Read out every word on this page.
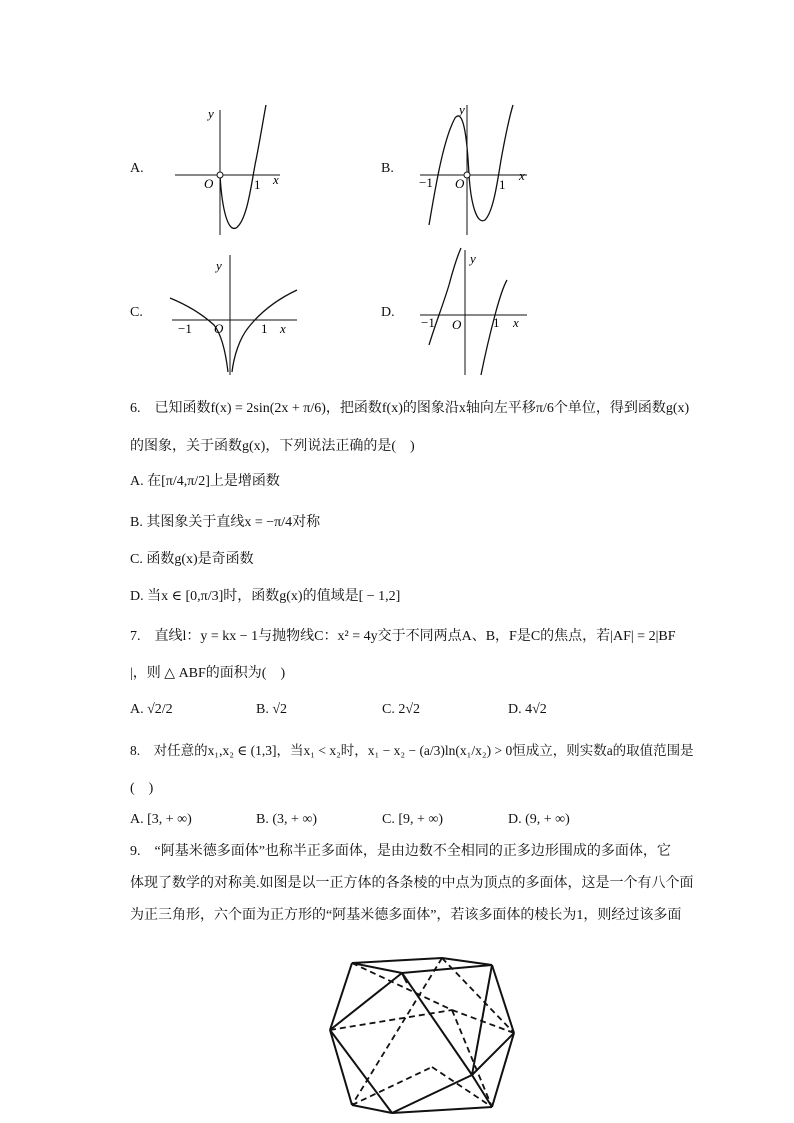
A.
y
O	1 x
B.
y
−1 O	1
x
C.
y
−1 O	1 x
D.
y
−1 O 1 x
6.　已知函数f(x) = 2sin(2x + π/6)，把函数f(x)的图象沿x轴向左平移π/6个单位，得到函数g(x)
的图象，关于函数g(x)，下列说法正确的是(　)
A. 在[π/4,π/2]上是增函数
B. 其图象关于直线x = −π/4对称
C. 函数g(x)是奇函数
D. 当x ∈ [0,π/3]时，函数g(x)的值域是[ − 1,2]
7.　直线l：y = kx − 1与抛物线C：x² = 4y交于不同两点A、B，F是C的焦点，若|AF| = 2|BF
|，则 △ ABF的面积为(　)
A. √2/2	B. √2	C. 2√2	D. 4√2
8.　对任意的x₁,x₂ ∈ (1,3]，当x₁ < x₂时，x₁ − x₂ − (a/3)ln(x₁/x₂) > 0恒成立，则实数a的取值范围是
(　)
A. [3, + ∞)	B. (3, + ∞)	C. [9, + ∞)	D. (9, + ∞)
9.　“阿基米德多面体”也称半正多面体，是由边数不全相同的正多边形围成的多面体，它
体现了数学的对称美.如图是以一正方体的各条棱的中点为顶点的多面体，这是一个有八个面
为正三角形，六个面为正方形的“阿基米德多面体”，若该多面体的棱长为1，则经过该多面
